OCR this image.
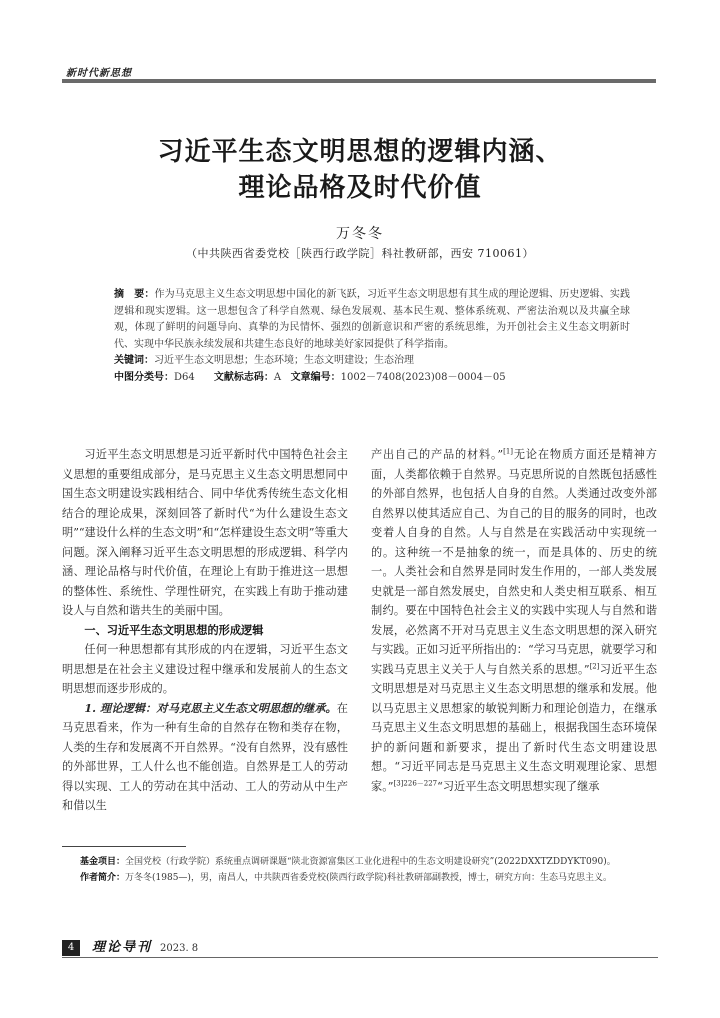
新时代新思想
习近平生态文明思想的逻辑内涵、
理论品格及时代价值
万冬冬
（中共陕西省委党校［陕西行政学院］科社教研部，西安 710061）

摘　要：作为马克思主义生态文明思想中国化的新飞跃，习近平生态文明思想有其生成的理论逻辑、历史逻辑、实践逻辑和现实逻辑。这一思想包含了科学自然观、绿色发展观、基本民生观、整体系统观、严密法治观以及共赢全球观，体现了鲜明的问题导向、真挚的为民情怀、强烈的创新意识和严密的系统思维，为开创社会主义生态文明新时代、实现中华民族永续发展和共建生态良好的地球美好家园提供了科学指南。

关键词：习近平生态文明思想；生态环境；生态文明建设；生态治理

中图分类号：D64 文献标志码：A 文章编号：1002－7408(2023)08－0004－05

习近平生态文明思想是习近平新时代中国特色社会主义思想的重要组成部分，是马克思主义生态文明思想同中国生态文明建设实践相结合、同中华优秀传统生态文化相结合的理论成果，深刻回答了新时代“为什么建设生态文明”“建设什么样的生态文明”和“怎样建设生态文明”等重大问题。深入阐释习近平生态文明思想的形成逻辑、科学内涵、理论品格与时代价值，在理论上有助于推进这一思想的整体性、系统性、学理性研究，在实践上有助于推动建设人与自然和谐共生的美丽中国。

一、习近平生态文明思想的形成逻辑

任何一种思想都有其形成的内在逻辑，习近平生态文明思想是在社会主义建设过程中继承和发展前人的生态文明思想而逐步形成的。

1. 理论逻辑：对马克思主义生态文明思想的继承。在马克思看来，作为一种有生命的自然存在物和类存在物，人类的生存和发展离不开自然界。“没有自然界，没有感性的外部世界，工人什么也不能创造。自然界是工人的劳动得以实现、工人的劳动在其中活动、工人的劳动从中生产和借以生

产出自己的产品的材料。”[1]无论在物质方面还是精神方面，人类都依赖于自然界。马克思所说的自然既包括感性的外部自然界，也包括人自身的自然。人类通过改变外部自然界以使其适应自己、为自己的目的服务的同时，也改变着人自身的自然。人与自然是在实践活动中实现统一的。这种统一不是抽象的统一，而是具体的、历史的统一。人类社会和自然界是同时发生作用的，一部人类发展史就是一部自然发展史，自然史和人类史相互联系、相互制约。要在中国特色社会主义的实践中实现人与自然和谐发展，必然离不开对马克思主义生态文明思想的深入研究与实践。正如习近平所指出的：“学习马克思，就要学习和实践马克思主义关于人与自然关系的思想。”[2]习近平生态文明思想是对马克思主义生态文明思想的继承和发展。他以马克思主义思想家的敏锐判断力和理论创造力，在继承马克思主义生态文明思想的基础上，根据我国生态环境保护的新问题和新要求，提出了新时代生态文明建设思想。“习近平同志是马克思主义生态文明观理论家、思想家。”$^{[3]226-227}$“习近平生态文明思想实现了继承

基金项目：全国党校（行政学院）系统重点调研课题“陕北资源富集区工业化进程中的生态文明建设研究”(2022DXXTZDDYKT090)。

作者简介：万冬冬(1985—)，男，南昌人，中共陕西省委党校(陕西行政学院)科社教研部副教授，博士，研究方向：生态马克思主义。

4	理论导刊 2023. 8
